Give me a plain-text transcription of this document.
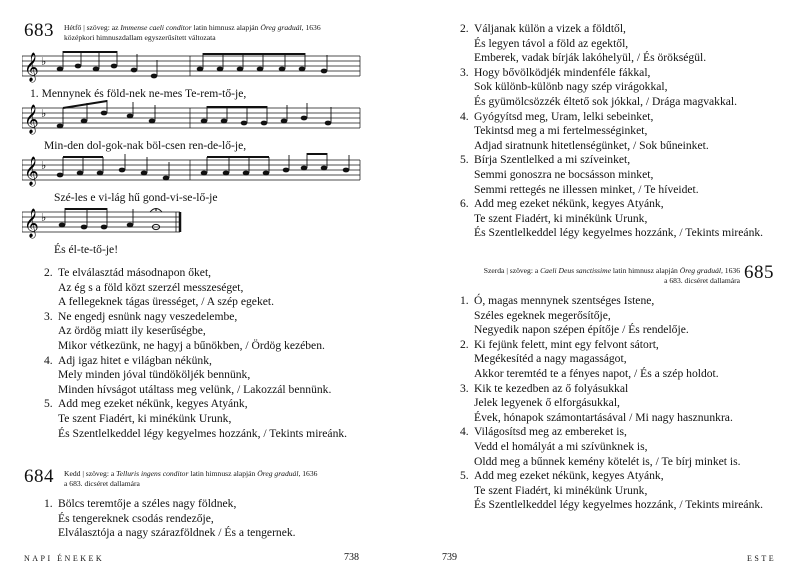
683 Hétfő | szöveg: az Immense caeli conditor latin himnusz alapján Öreg graduál, 1636
középkori himnuszdallam egyszerűsített változata
𝄞 ♭
1. Mennynek és föld-nek ne-mes Te-rem-tő-je,
𝄞 ♭
Min-den dol-gok-nak böl-csen ren-de-lő-je,
𝄞 ♭
Szé-les e vi-lág hű gond-vi-se-lő-je
𝄞 ♭
És él-te-tő-je!
2. Te elválasztád másodnapon őket,
Az ég s a föld közt szerzél messzeséget,
A fellegeknek tágas ürességet, / A szép egeket.
3. Ne engedj esnünk nagy veszedelembe,
Az ördög miatt ily keserűségbe,
Mikor vétkezünk, ne hagyj a bűnökben, / Ördög kezében.
4. Adj igaz hitet e világban nékünk,
Mely minden jóval tündököljék bennünk,
Minden hívságot utáltass meg velünk, / Lakozzál bennünk.
5. Add meg ezeket nékünk, kegyes Atyánk,
Te szent Fiadért, ki minékünk Urunk,
És Szentlelkeddel légy kegyelmes hozzánk, / Tekints mireánk.
684 Kedd | szöveg: a Telluris ingens conditor latin himnusz alapján Öreg graduál, 1636
a 683. dicséret dallamára
1. Bölcs teremtője a széles nagy földnek,
És tengereknek csodás rendezője,
Elválasztója a nagy szárazföldnek / És a tengernek.
NAPI ÉNEKEK	738
2. Váljanak külön a vizek a földtől,
És legyen távol a föld az egektől,
Emberek, vadak bírják lakóhelyül, / És örökségül.
3. Hogy bővölködjék mindenféle fákkal,
Sok különb-különb nagy szép virágokkal,
És gyümölcsözzék éltető sok jókkal, / Drága magvakkal.
4. Gyógyítsd meg, Uram, lelki sebeinket,
Tekintsd meg a mi fertelmességinket,
Adjad siratnunk hitetlenségünket, / Sok bűneinket.
5. Bírja Szentlelked a mi szíveinket,
Semmi gonoszra ne bocsásson minket,
Semmi rettegés ne illessen minket, / Te híveidet.
6. Add meg ezeket nékünk, kegyes Atyánk,
Te szent Fiadért, ki minékünk Urunk,
És Szentlelkeddel légy kegyelmes hozzánk, / Tekints mireánk.
Szerda | szöveg: a Caeli Deus sanctissime latin himnusz alapján Öreg graduál, 1636
a 683. dicséret dallamára 685
1. Ó, magas mennynek szentséges Istene,
Széles egeknek megerősítője,
Negyedik napon szépen építője / És rendelője.
2. Ki fejünk felett, mint egy felvont sátort,
Megékesítéd a nagy magasságot,
Akkor teremtéd te a fényes napot, / És a szép holdot.
3. Kik te kezedben az ő folyásukkal
Jelek legyenek ő elforgásukkal,
Évek, hónapok számontartásával / Mi nagy hasznunkra.
4. Világosítsd meg az embereket is,
Vedd el homályát a mi szívünknek is,
Oldd meg a bűnnek kemény kötelét is, / Te bírj minket is.
5. Add meg ezeket nékünk, kegyes Atyánk,
Te szent Fiadért, ki minékünk Urunk,
És Szentlelkeddel légy kegyelmes hozzánk, / Tekints mireánk.
739	ESTE
